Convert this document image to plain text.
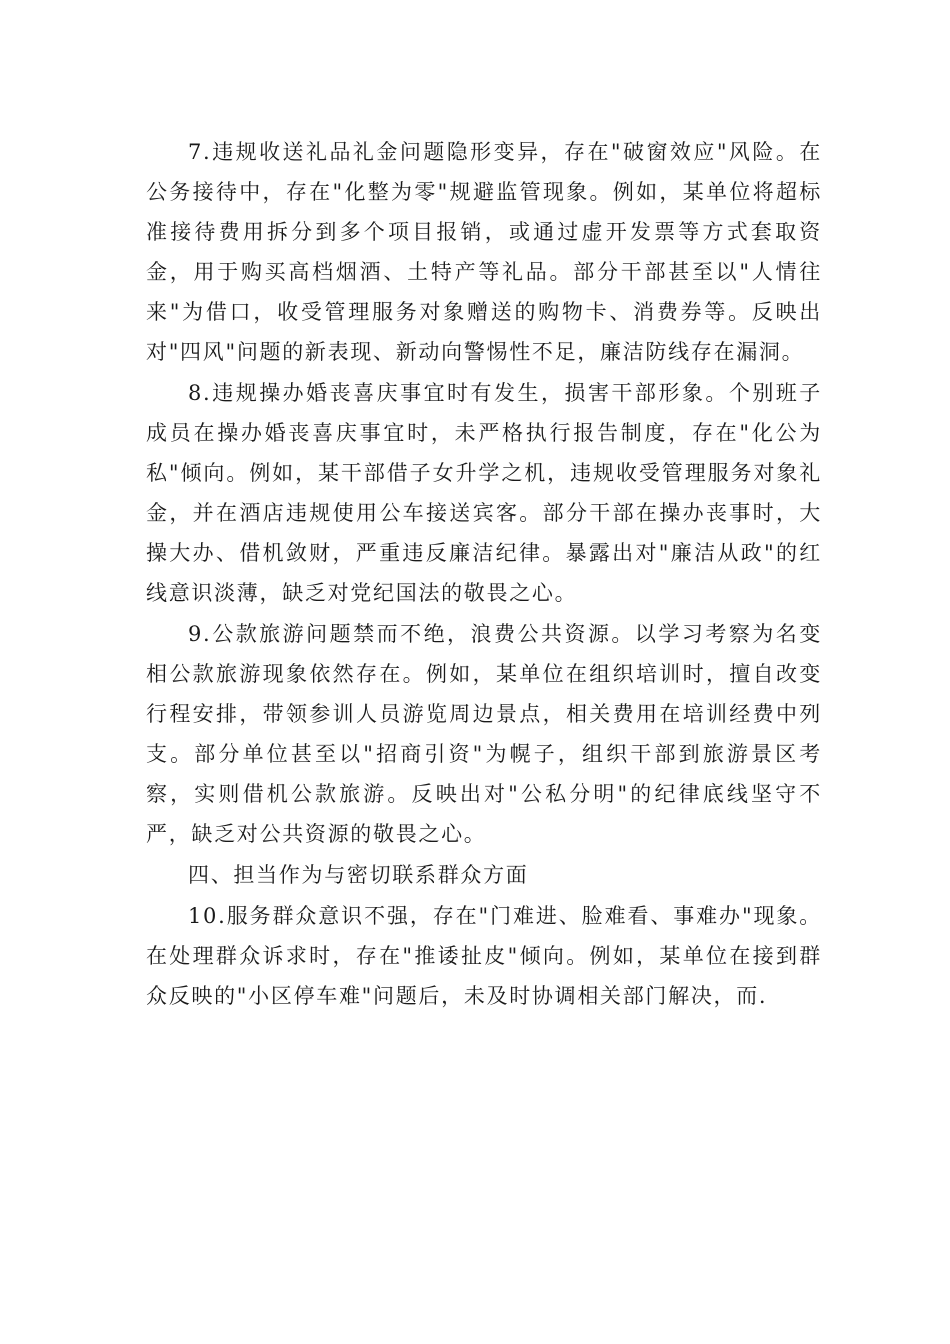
7.违规收送礼品礼金问题隐形变异，存在"破窗效应"风险。在公务接待中，存在"化整为零"规避监管现象。例如，某单位将超标准接待费用拆分到多个项目报销，或通过虚开发票等方式套取资金，用于购买高档烟酒、土特产等礼品。部分干部甚至以"人情往来"为借口，收受管理服务对象赠送的购物卡、消费券等。反映出对"四风"问题的新表现、新动向警惕性不足，廉洁防线存在漏洞。

8.违规操办婚丧喜庆事宜时有发生，损害干部形象。个别班子成员在操办婚丧喜庆事宜时，未严格执行报告制度，存在"化公为私"倾向。例如，某干部借子女升学之机，违规收受管理服务对象礼金，并在酒店违规使用公车接送宾客。部分干部在操办丧事时，大操大办、借机敛财，严重违反廉洁纪律。暴露出对"廉洁从政"的红线意识淡薄，缺乏对党纪国法的敬畏之心。

9.公款旅游问题禁而不绝，浪费公共资源。以学习考察为名变相公款旅游现象依然存在。例如，某单位在组织培训时，擅自改变行程安排，带领参训人员游览周边景点，相关费用在培训经费中列支。部分单位甚至以"招商引资"为幌子，组织干部到旅游景区考察，实则借机公款旅游。反映出对"公私分明"的纪律底线坚守不严，缺乏对公共资源的敬畏之心。

四、担当作为与密切联系群众方面

10.服务群众意识不强，存在"门难进、脸难看、事难办"现象。在处理群众诉求时，存在"推诿扯皮"倾向。例如，某单位在接到群众反映的"小区停车难"问题后，未及时协调相关部门解决，而.
